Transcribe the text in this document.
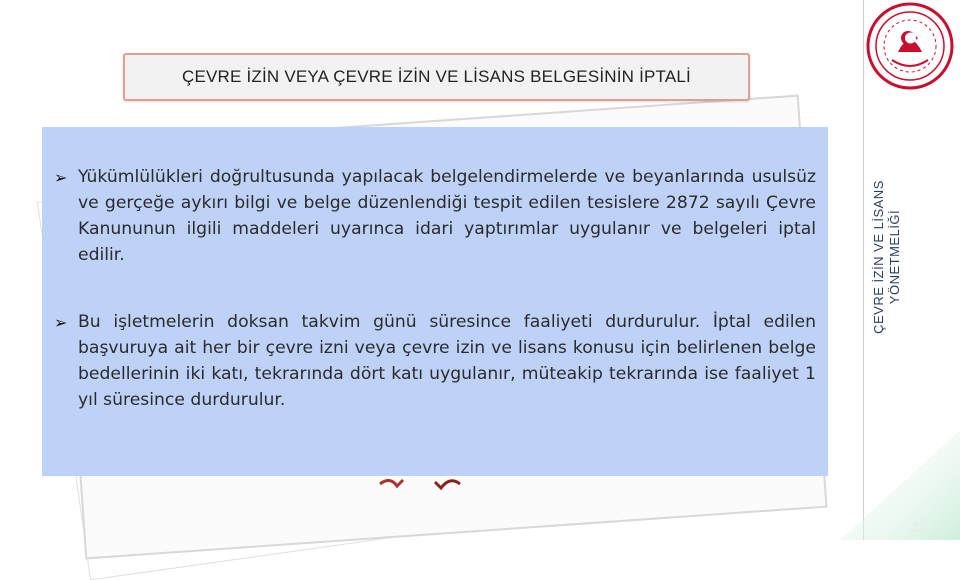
ÇEVRE İZİN VEYA ÇEVRE İZİN VE LİSANS BELGESİNİN İPTALİ
➢ Yükümlülükleri doğrultusunda yapılacak belgelendirmelerde ve beyanlarında usulsüz ve gerçeğe aykırı bilgi ve belge düzenlendiği tespit edilen tesislere 2872 sayılı Çevre Kanununun ilgili maddeleri uyarınca idari yaptırımlar uygulanır ve belgeleri iptal edilir.
➢ Bu işletmelerin doksan takvim günü süresince faaliyeti durdurulur. İptal edilen başvuruya ait her bir çevre izni veya çevre izin ve lisans konusu için belirlenen belge bedellerinin iki katı, tekrarında dört katı uygulanır, müteakip tekrarında ise faaliyet 1 yıl süresince durdurulur.
ÇEVRE İZİN VE LİSANS YÖNETMELİĞİ
27
